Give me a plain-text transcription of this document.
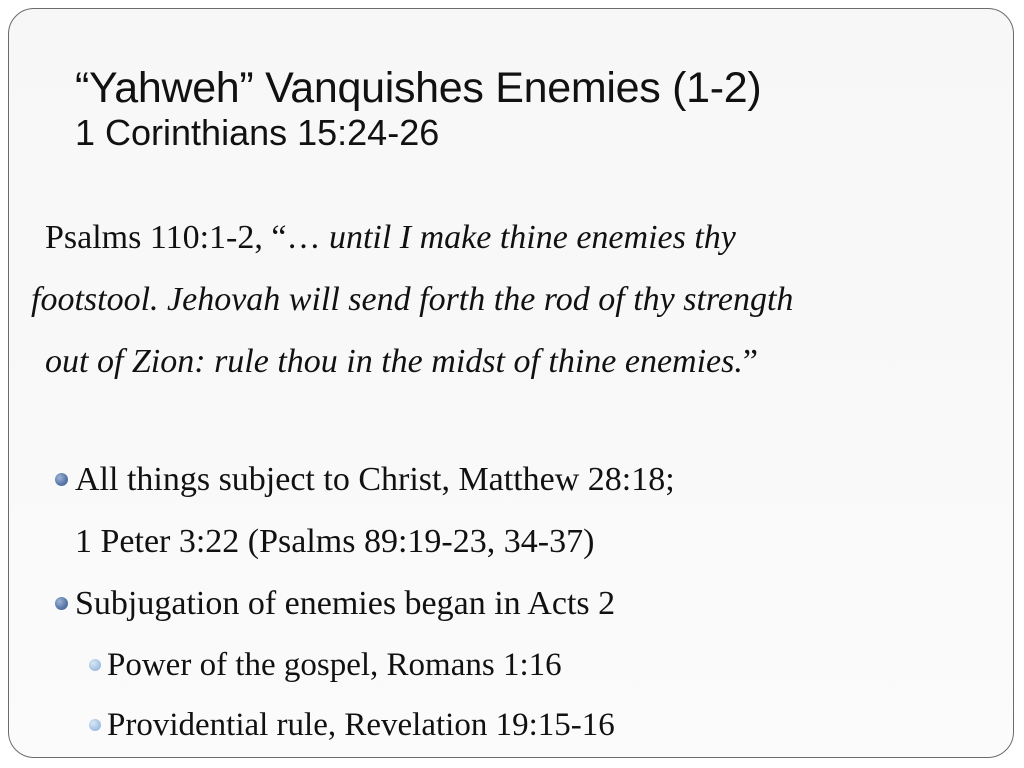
“Yahweh” Vanquishes Enemies (1-2)
1 Corinthians 15:24-26
Psalms 110:1-2, “… until I make thine enemies thy
footstool. Jehovah will send forth the rod of thy strength
out of Zion: rule thou in the midst of thine enemies.”
All things subject to Christ, Matthew 28:18;
1 Peter 3:22 (Psalms 89:19-23, 34-37)
Subjugation of enemies began in Acts 2
Power of the gospel, Romans 1:16
Providential rule, Revelation 19:15-16
